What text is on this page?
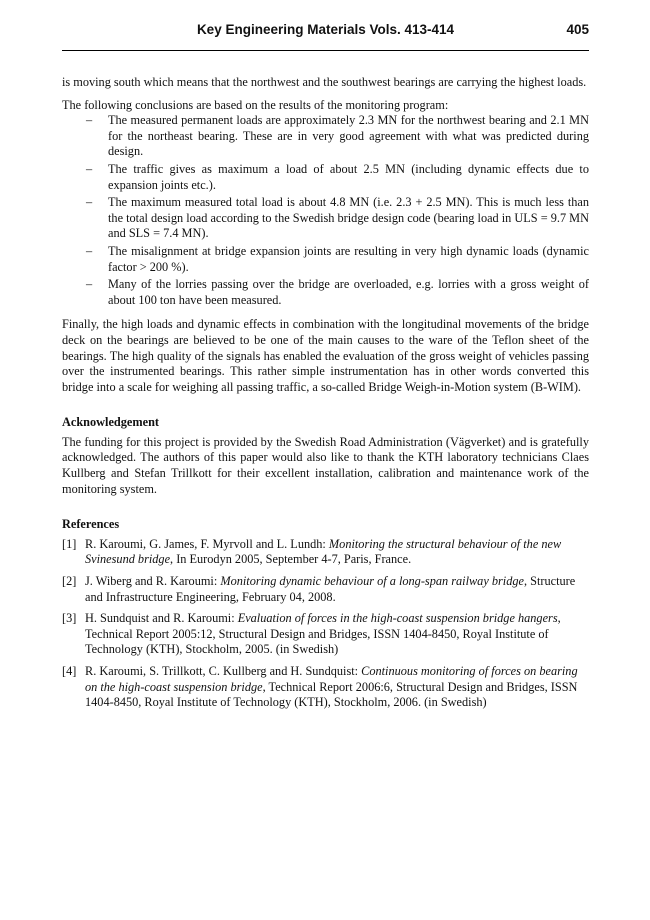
Key Engineering Materials Vols. 413-414	405

is moving south which means that the northwest and the southwest bearings are carrying the highest loads.

The following conclusions are based on the results of the monitoring program:

– The measured permanent loads are approximately 2.3 MN for the northwest bearing and 2.1 MN for the northeast bearing. These are in very good agreement with what was predicted during design.
– The traffic gives as maximum a load of about 2.5 MN (including dynamic effects due to expansion joints etc.).
– The maximum measured total load is about 4.8 MN (i.e. 2.3 + 2.5 MN). This is much less than the total design load according to the Swedish bridge design code (bearing load in ULS = 9.7 MN and SLS = 7.4 MN).
– The misalignment at bridge expansion joints are resulting in very high dynamic loads (dynamic factor > 200 %).
– Many of the lorries passing over the bridge are overloaded, e.g. lorries with a gross weight of about 100 ton have been measured.

Finally, the high loads and dynamic effects in combination with the longitudinal movements of the bridge deck on the bearings are believed to be one of the main causes to the ware of the Teflon sheet of the bearings. The high quality of the signals has enabled the evaluation of the gross weight of vehicles passing over the instrumented bearings. This rather simple instrumentation has in other words converted this bridge into a scale for weighing all passing traffic, a so-called Bridge Weigh-in-Motion system (B-WIM).

Acknowledgement

The funding for this project is provided by the Swedish Road Administration (Vägverket) and is gratefully acknowledged. The authors of this paper would also like to thank the KTH laboratory technicians Claes Kullberg and Stefan Trillkott for their excellent installation, calibration and maintenance work of the monitoring system.

References
[1] R. Karoumi, G. James, F. Myrvoll and L. Lundh: Monitoring the structural behaviour of the new Svinesund bridge, In Eurodyn 2005, September 4-7, Paris, France.
[2] J. Wiberg and R. Karoumi: Monitoring dynamic behaviour of a long-span railway bridge, Structure and Infrastructure Engineering, February 04, 2008.
[3] H. Sundquist and R. Karoumi: Evaluation of forces in the high-coast suspension bridge hangers, Technical Report 2005:12, Structural Design and Bridges, ISSN 1404-8450, Royal Institute of Technology (KTH), Stockholm, 2005. (in Swedish)
[4] R. Karoumi, S. Trillkott, C. Kullberg and H. Sundquist: Continuous monitoring of forces on bearing on the high-coast suspension bridge, Technical Report 2006:6, Structural Design and Bridges, ISSN 1404-8450, Royal Institute of Technology (KTH), Stockholm, 2006. (in Swedish)
